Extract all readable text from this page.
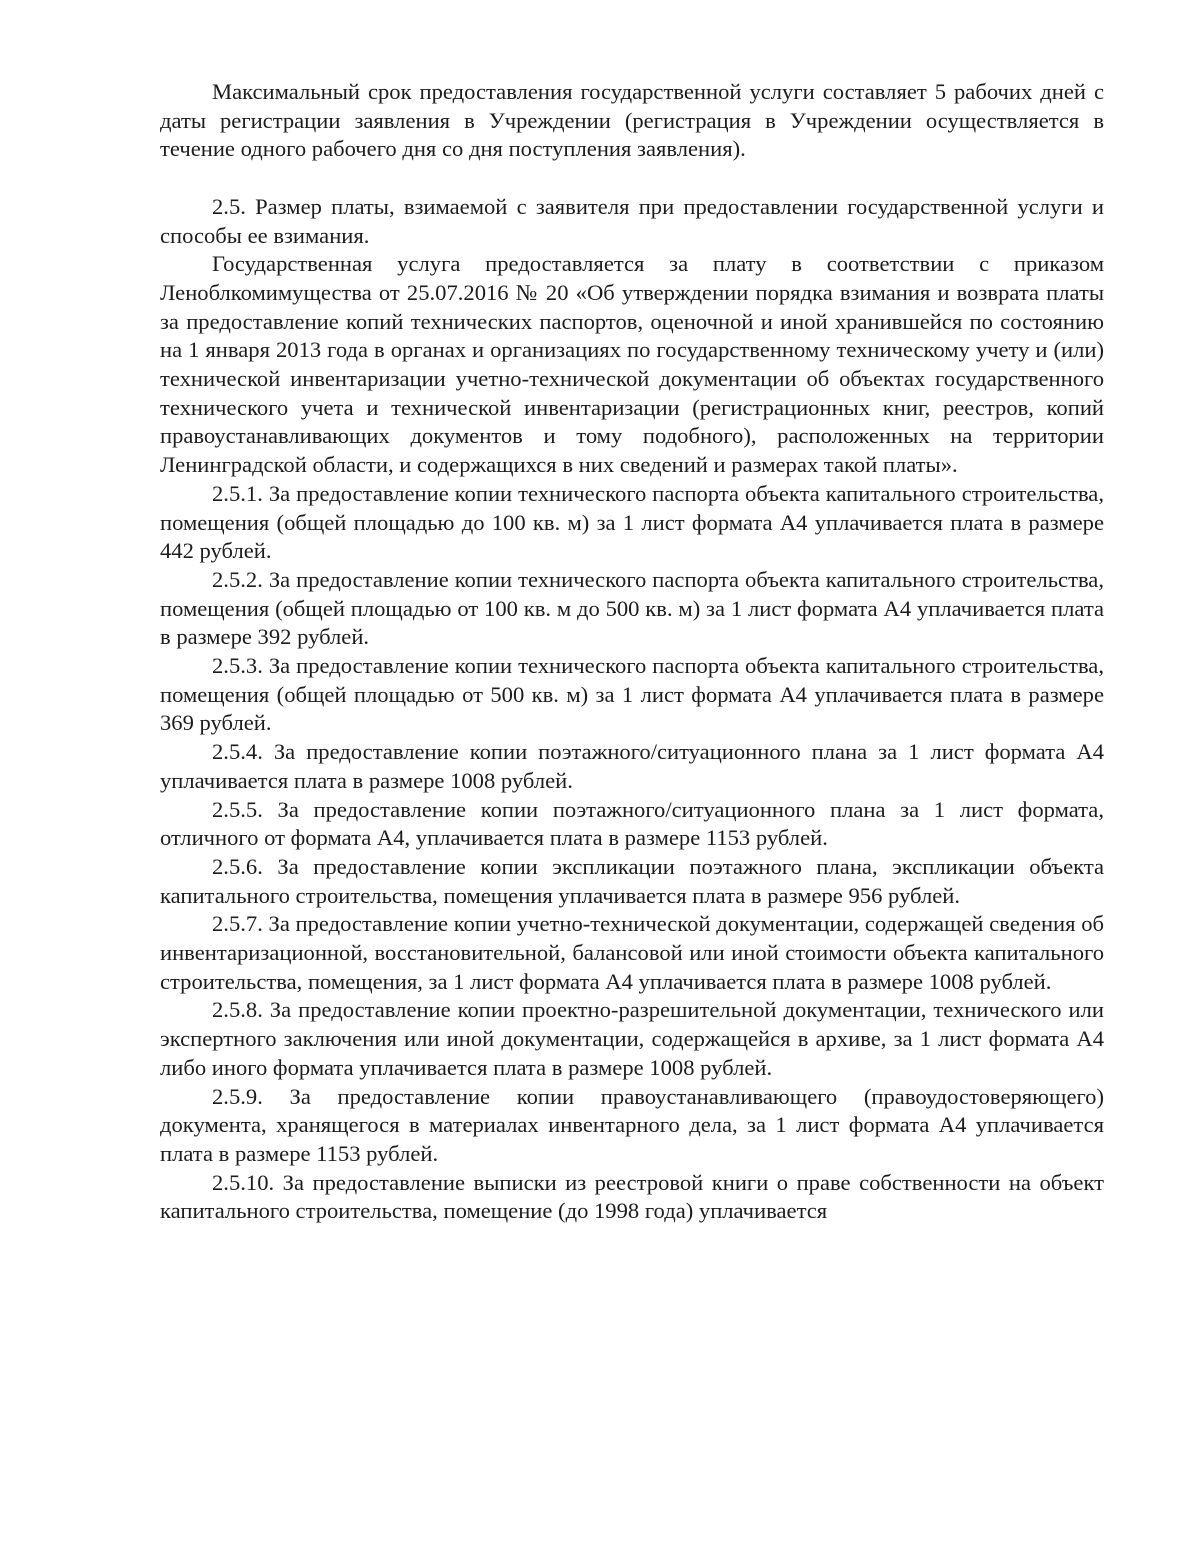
Максимальный срок предоставления государственной услуги составляет 5 рабочих дней с даты регистрации заявления в Учреждении (регистрация в Учреждении осуществляется в течение одного рабочего дня со дня поступления заявления).

2.5. Размер платы, взимаемой с заявителя при предоставлении государственной услуги и способы ее взимания.

Государственная услуга предоставляется за плату в соответствии с приказом Леноблкомимущества от 25.07.2016 № 20 «Об утверждении порядка взимания и возврата платы за предоставление копий технических паспортов, оценочной и иной хранившейся по состоянию на 1 января 2013 года в органах и организациях по государственному техническому учету и (или) технической инвентаризации учетно-технической документации об объектах государственного технического учета и технической инвентаризации (регистрационных книг, реестров, копий правоустанавливающих документов и тому подобного), расположенных на территории Ленинградской области, и содержащихся в них сведений и размерах такой платы».

2.5.1. За предоставление копии технического паспорта объекта капитального строительства, помещения (общей площадью до 100 кв. м) за 1 лист формата А4 уплачивается плата в размере 442 рублей.

2.5.2. За предоставление копии технического паспорта объекта капитального строительства, помещения (общей площадью от 100 кв. м до 500 кв. м) за 1 лист формата А4 уплачивается плата в размере 392 рублей.

2.5.3. За предоставление копии технического паспорта объекта капитального строительства, помещения (общей площадью от 500 кв. м) за 1 лист формата А4 уплачивается плата в размере 369 рублей.

2.5.4. За предоставление копии поэтажного/ситуационного плана за 1 лист формата А4 уплачивается плата в размере 1008 рублей.

2.5.5. За предоставление копии поэтажного/ситуационного плана за 1 лист формата, отличного от формата А4, уплачивается плата в размере 1153 рублей.

2.5.6. За предоставление копии экспликации поэтажного плана, экспликации объекта капитального строительства, помещения уплачивается плата в размере 956 рублей.

2.5.7. За предоставление копии учетно-технической документации, содержащей сведения об инвентаризационной, восстановительной, балансовой или иной стоимости объекта капитального строительства, помещения, за 1 лист формата А4 уплачивается плата в размере 1008 рублей.

2.5.8. За предоставление копии проектно-разрешительной документации, технического или экспертного заключения или иной документации, содержащейся в архиве, за 1 лист формата А4 либо иного формата уплачивается плата в размере 1008 рублей.

2.5.9. За предоставление копии правоустанавливающего (правоудостоверяющего) документа, хранящегося в материалах инвентарного дела, за 1 лист формата А4 уплачивается плата в размере 1153 рублей.

2.5.10. За предоставление выписки из реестровой книги о праве собственности на объект капитального строительства, помещение (до 1998 года) уплачивается
